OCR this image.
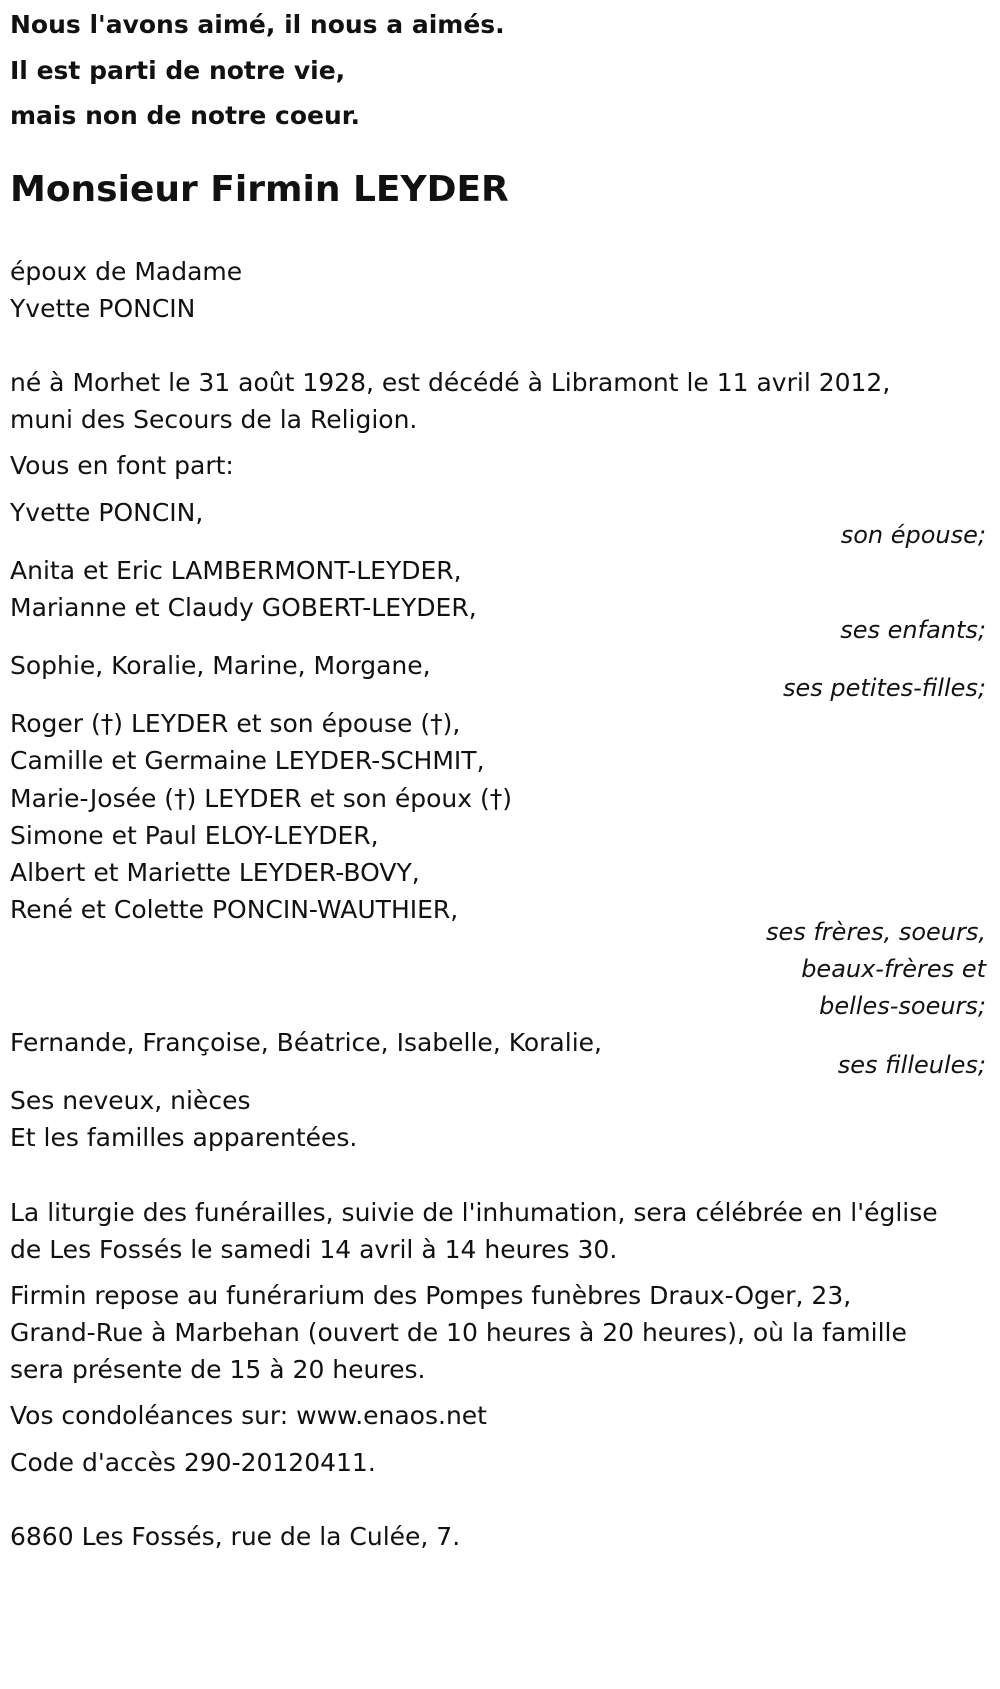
Nous l'avons aimé, il nous a aimés.
Il est parti de notre vie,
mais non de notre coeur.
Monsieur Firmin LEYDER
époux de Madame
Yvette PONCIN
né à Morhet le 31 août 1928, est décédé à Libramont le 11 avril 2012,
muni des Secours de la Religion.
Vous en font part:
Yvette PONCIN,
son épouse;
Anita et Eric LAMBERMONT-LEYDER,
Marianne et Claudy GOBERT-LEYDER,
ses enfants;
Sophie, Koralie, Marine, Morgane,
ses petites-filles;
Roger (†) LEYDER et son épouse (†),
Camille et Germaine LEYDER-SCHMIT,
Marie-Josée (†) LEYDER et son époux (†)
Simone et Paul ELOY-LEYDER,
Albert et Mariette LEYDER-BOVY,
René et Colette PONCIN-WAUTHIER,
ses frères, soeurs,
beaux-frères et
belles-soeurs;
Fernande, Françoise, Béatrice, Isabelle, Koralie,
ses filleules;
Ses neveux, nièces
Et les familles apparentées.
La liturgie des funérailles, suivie de l'inhumation, sera célébrée en l'église
de Les Fossés le samedi 14 avril à 14 heures 30.
Firmin repose au funérarium des Pompes funèbres Draux-Oger, 23,
Grand-Rue à Marbehan (ouvert de 10 heures à 20 heures), où la famille
sera présente de 15 à 20 heures.
Vos condoléances sur: www.enaos.net
Code d'accès 290-20120411.
6860 Les Fossés, rue de la Culée, 7.
